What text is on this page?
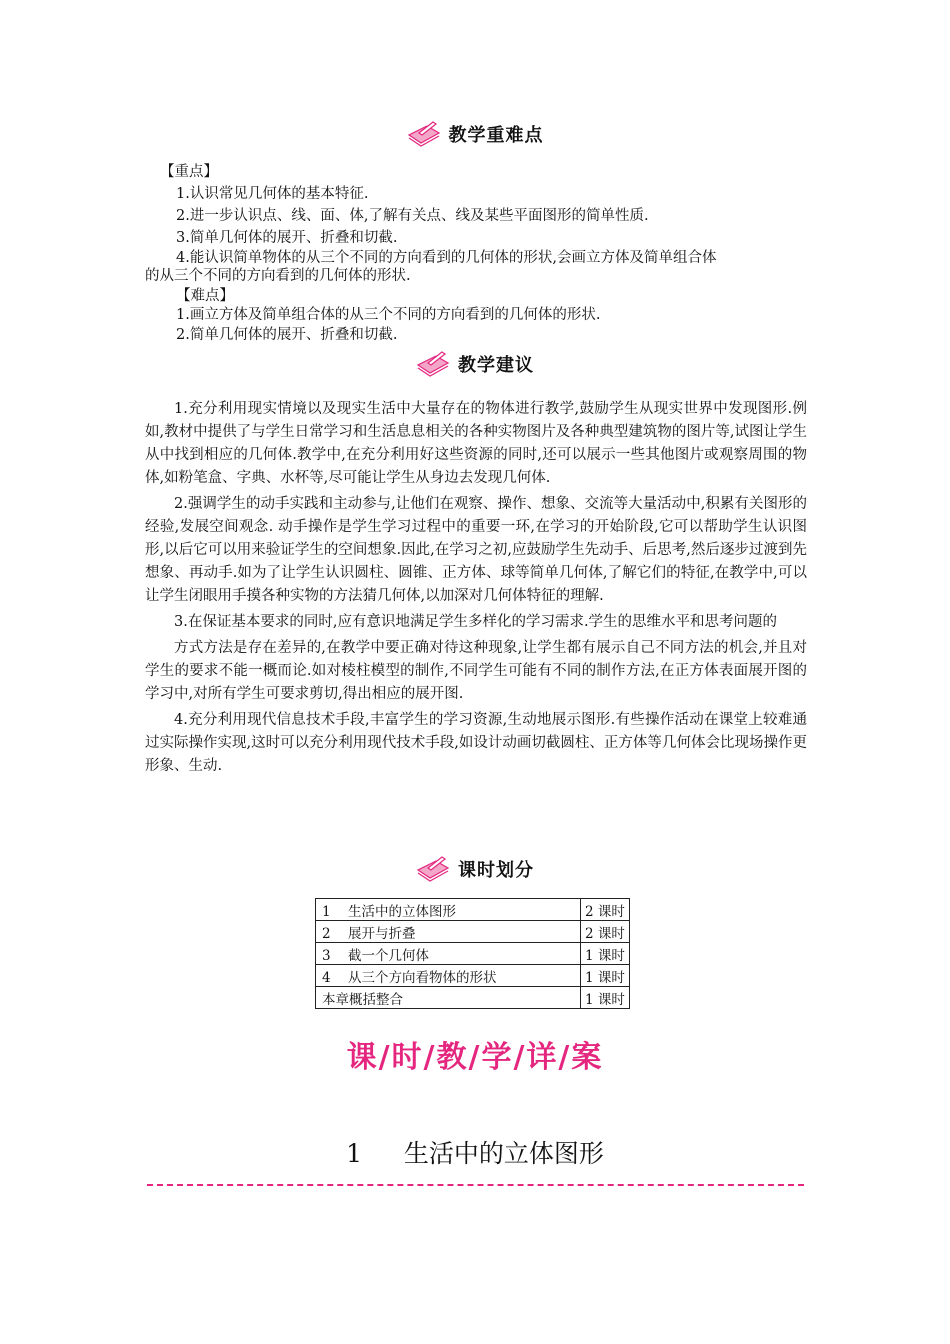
教学重难点
【重点】
1.认识常见几何体的基本特征.
2.进一步认识点、线、面、体,了解有关点、线及某些平面图形的简单性质.
3.简单几何体的展开、折叠和切截.
4.能认识简单物体的从三个不同的方向看到的几何体的形状,会画立方体及简单组合体
的从三个不同的方向看到的几何体的形状.
【难点】
1.画立方体及简单组合体的从三个不同的方向看到的几何体的形状.
2.简单几何体的展开、折叠和切截.
教学建议
1.充分利用现实情境以及现实生活中大量存在的物体进行教学,鼓励学生从现实世界中发现图形.例如,教材中提供了与学生日常学习和生活息息相关的各种实物图片及各种典型建筑物的图片等,试图让学生从中找到相应的几何体.教学中,在充分利用好这些资源的同时,还可以展示一些其他图片或观察周围的物体,如粉笔盒、字典、水杯等,尽可能让学生从身边去发现几何体.
2.强调学生的动手实践和主动参与,让他们在观察、操作、想象、交流等大量活动中,积累有关图形的经验,发展空间观念. 动手操作是学生学习过程中的重要一环,在学习的开始阶段,它可以帮助学生认识图形,以后它可以用来验证学生的空间想象.因此,在学习之初,应鼓励学生先动手、后思考,然后逐步过渡到先想象、再动手.如为了让学生认识圆柱、圆锥、正方体、球等简单几何体,了解它们的特征,在教学中,可以让学生闭眼用手摸各种实物的方法猜几何体,以加深对几何体特征的理解.
3.在保证基本要求的同时,应有意识地满足学生多样化的学习需求.学生的思维水平和思考问题的
方式方法是存在差异的,在教学中要正确对待这种现象,让学生都有展示自己不同方法的机会,并且对学生的要求不能一概而论.如对棱柱模型的制作,不同学生可能有不同的制作方法,在正方体表面展开图的学习中,对所有学生可要求剪切,得出相应的展开图.
4.充分利用现代信息技术手段,丰富学生的学习资源,生动地展示图形.有些操作活动在课堂上较难通过实际操作实现,这时可以充分利用现代技术手段,如设计动画切截圆柱、正方体等几何体会比现场操作更形象、生动.
课时划分
1 生活中的立体图形	2 课时
2 展开与折叠	2 课时
3 截一个几何体	1 课时
4 从三个方向看物体的形状	1 课时
本章概括整合	1 课时
课/时/教/学/详/案
1 生活中的立体图形
